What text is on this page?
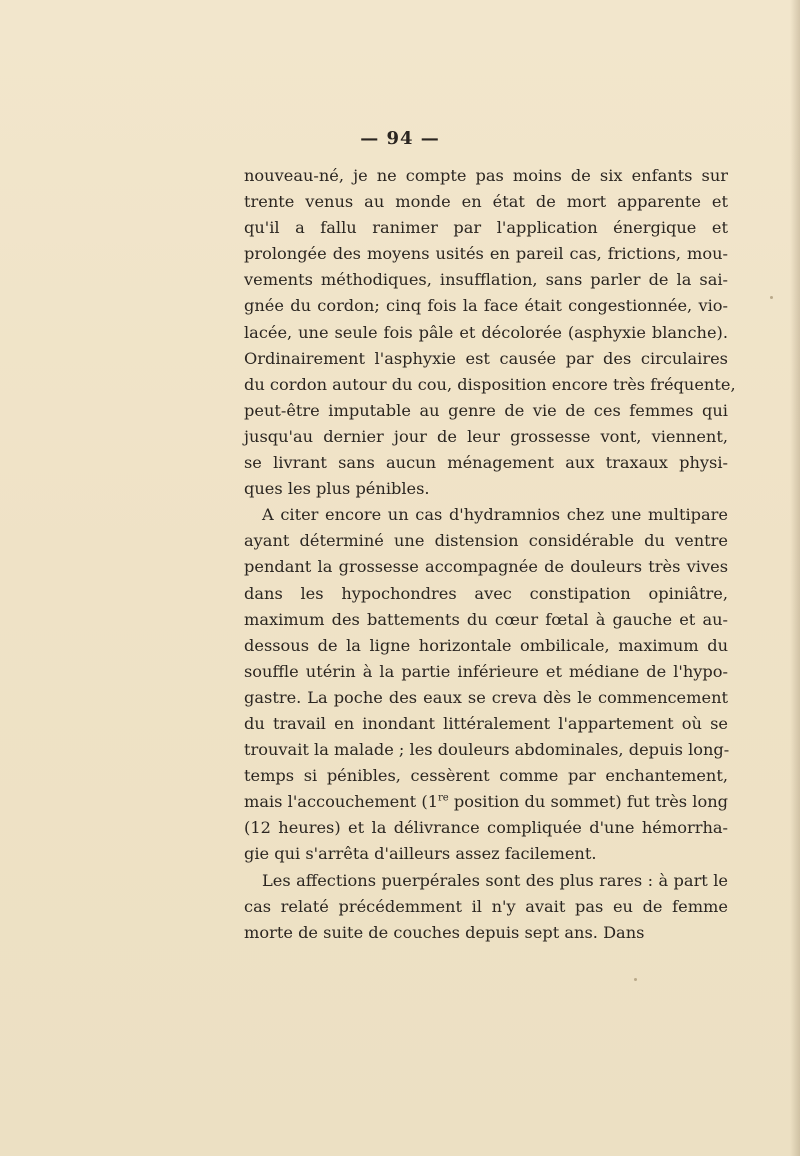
— 94 —
nouveau-né, je ne compte pas moins de six enfants sur
trente venus au monde en état de mort apparente et
qu'il a fallu ranimer par l'application énergique et
prolongée des moyens usités en pareil cas, frictions, mou-
vements méthodiques, insufflation, sans parler de la sai-
gnée du cordon; cinq fois la face était congestionnée, vio-
lacée, une seule fois pâle et décolorée (asphyxie blanche).
Ordinairement l'asphyxie est causée par des circulaires
du cordon autour du cou, disposition encore très fréquente,
peut-être imputable au genre de vie de ces femmes qui
jusqu'au dernier jour de leur grossesse vont, viennent,
se livrant sans aucun ménagement aux traxaux physi-
ques les plus pénibles.
A citer encore un cas d'hydramnios chez une multipare
ayant déterminé une distension considérable du ventre
pendant la grossesse accompagnée de douleurs très vives
dans les hypochondres avec constipation opiniâtre,
maximum des battements du cœur fœtal à gauche et au-
dessous de la ligne horizontale ombilicale, maximum du
souffle utérin à la partie inférieure et médiane de l'hypo-
gastre. La poche des eaux se creva dès le commencement
du travail en inondant littéralement l'appartement où se
trouvait la malade ; les douleurs abdominales, depuis long-
temps si pénibles, cessèrent comme par enchantement,
mais l'accouchement (1re position du sommet) fut très long
(12 heures) et la délivrance compliquée d'une hémorrha-
gie qui s'arrêta d'ailleurs assez facilement.
Les affections puerpérales sont des plus rares : à part le
cas relaté précédemment il n'y avait pas eu de femme
morte de suite de couches depuis sept ans. Dans
